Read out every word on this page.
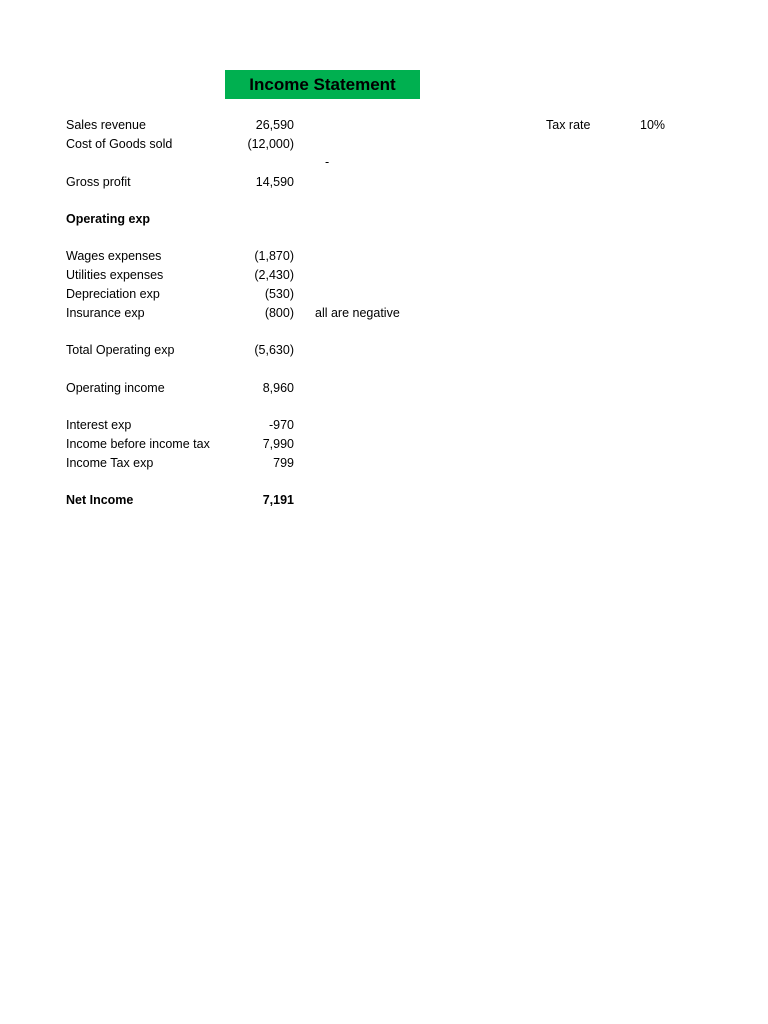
Income Statement
Tax rate	10%
Sales revenue	26,590
Cost of Goods sold	(12,000)
-
Gross profit	14,590
Operating exp
Wages expenses	(1,870)
Utilities expenses	(2,430)
Depreciation exp	(530)
Insurance exp	(800) all are negative
Total Operating exp	(5,630)
Operating income	8,960
Interest exp	-970
Income before income tax	7,990
Income Tax exp	799
Net Income	7,191
